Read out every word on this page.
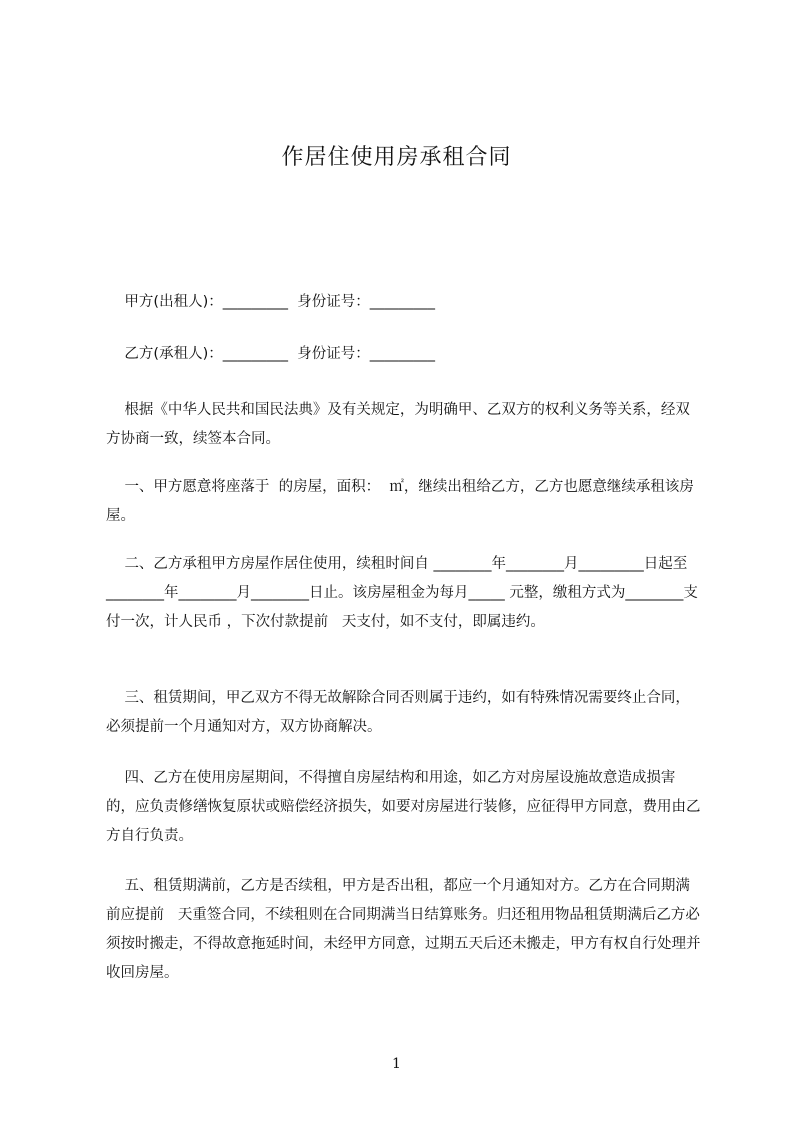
作居住使用房承租合同
甲方(出租人)：_________  身份证号：_________
乙方(承租人)：_________  身份证号：_________

根据《中华人民共和国民法典》及有关规定，为明确甲、乙双方的权利义务等关系，经双方协商一致，续签本合同。

一、甲方愿意将座落于  的房屋，面积：  ㎡，继续出租给乙方，乙方也愿意继续承租该房屋。

二、乙方承租甲方房屋作居住使用，续租时间自 ________年________月_________日起至   ________年________月________日止。该房屋租金为每月_____ 元整，缴租方式为________支付一次，计人民币 ，下次付款提前   天支付，如不支付，即属违约。

三、租赁期间，甲乙双方不得无故解除合同否则属于违约，如有特殊情况需要终止合同，必须提前一个月通知对方，双方协商解决。

四、乙方在使用房屋期间，不得擅自房屋结构和用途，如乙方对房屋设施故意造成损害的，应负责修缮恢复原状或赔偿经济损失，如要对房屋进行装修，应征得甲方同意，费用由乙方自行负责。

五、租赁期满前，乙方是否续租，甲方是否出租，都应一个月通知对方。乙方在合同期满前应提前   天重签合同，不续租则在合同期满当日结算账务。归还租用物品租赁期满后乙方必须按时搬走，不得故意拖延时间，未经甲方同意，过期五天后还未搬走，甲方有权自行处理并收回房屋。

1
